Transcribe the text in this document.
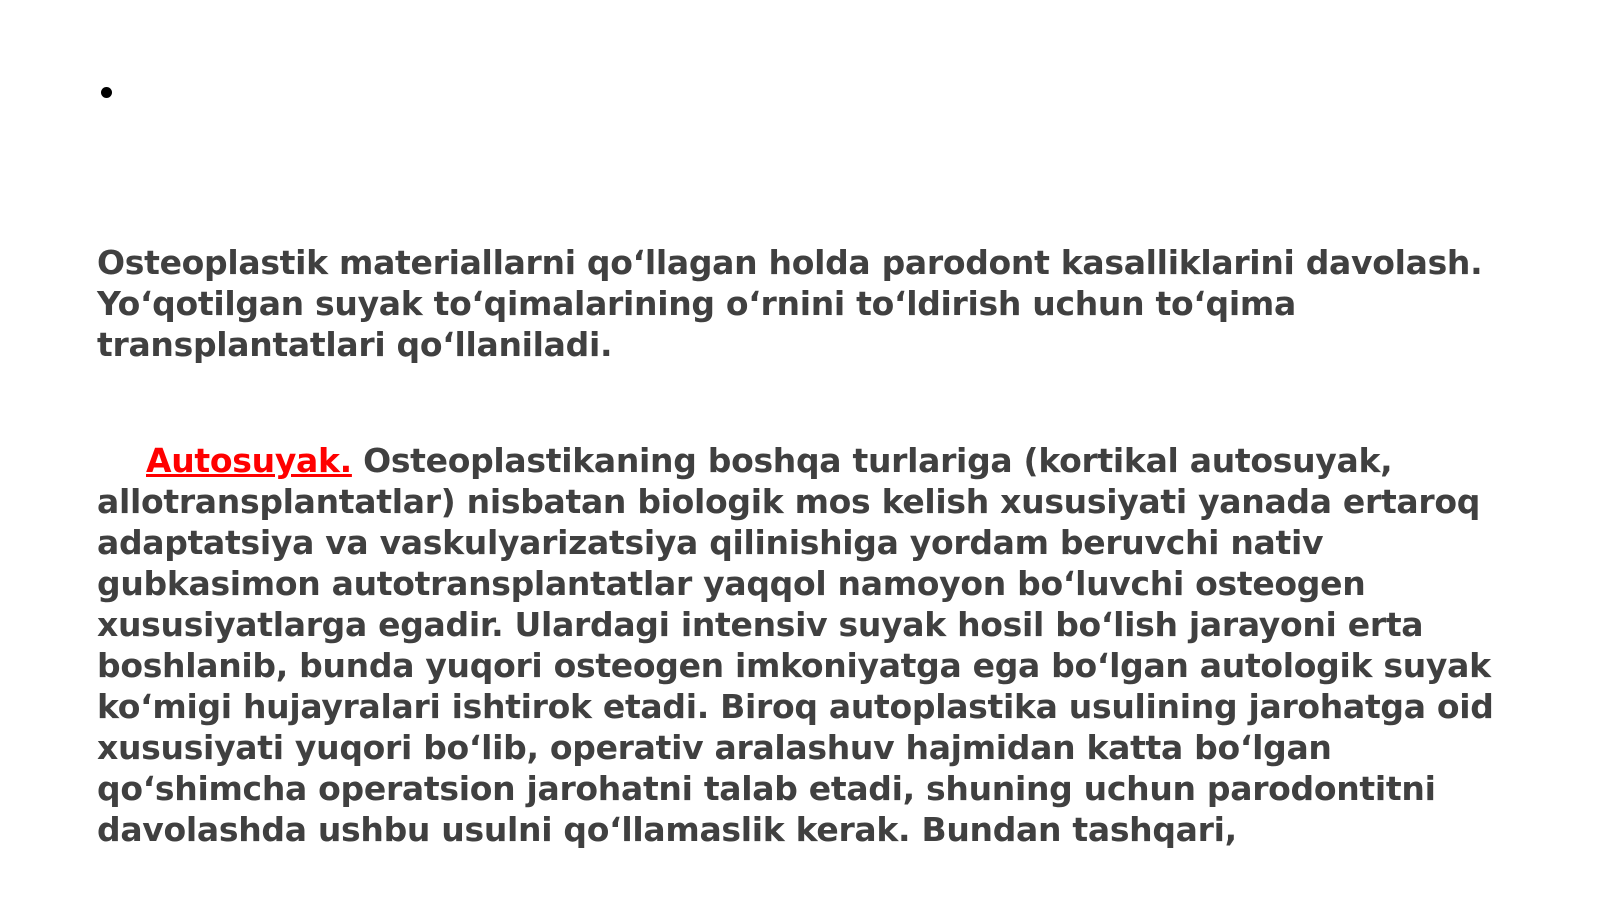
Osteoplastik materiallarni qo‘llagan holda parodont kasalliklarini davolash. Yo‘qotilgan suyak to‘qimalarining o‘rnini to‘ldirish uchun to‘qima transplantatlari qo‘llaniladi.

Autosuyak. Osteoplastikaning boshqa turlariga (kortikal autosuyak, allotransplantatlar) nisbatan biologik mos kelish xususiyati yanada ertaroq adaptatsiya va vaskulyarizatsiya qilinishiga yordam beruvchi nativ gubkasimon autotransplantatlar yaqqol namoyon bo‘luvchi osteogen xususiyatlarga egadir. Ulardagi intensiv suyak hosil bo‘lish jarayoni erta boshlanib, bunda yuqori osteogen imkoniyatga ega bo‘lgan autologik suyak ko‘migi hujayralari ishtirok etadi. Biroq autoplastika usulining jarohatga oid xususiyati yuqori bo‘lib, operativ aralashuv hajmidan katta bo‘lgan qo‘shimcha operatsion jarohatni talab etadi, shuning uchun parodontitni davolashda ushbu usulni qo‘llamaslik kerak. Bundan tashqari,
